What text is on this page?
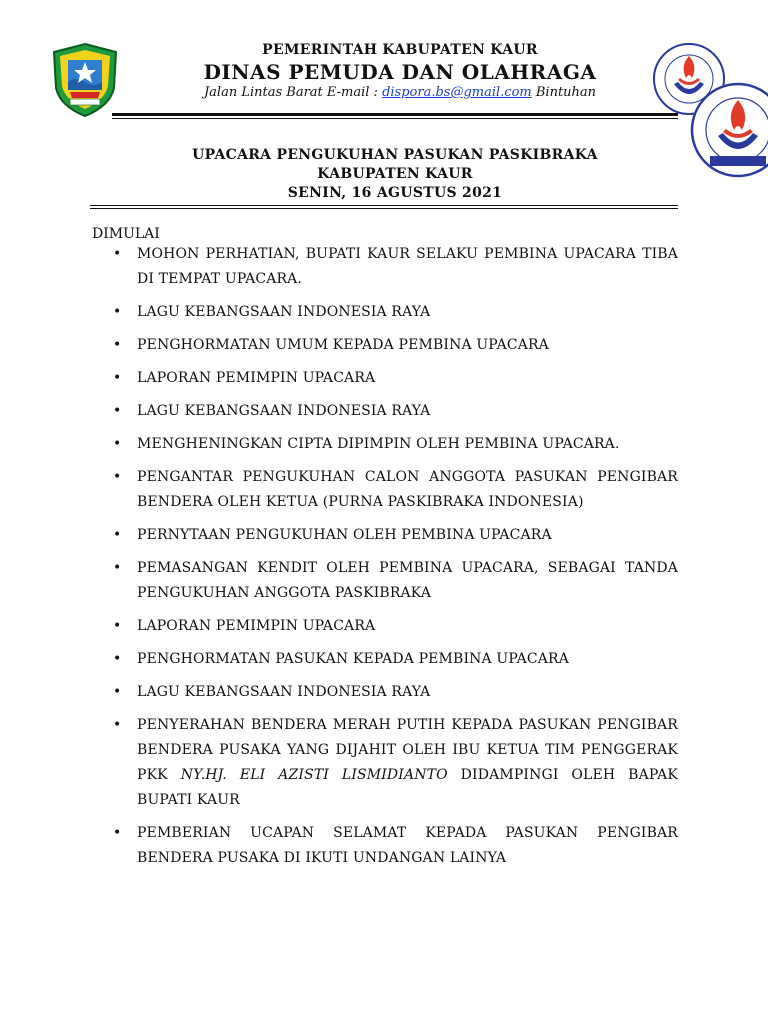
PEMERINTAH KABUPATEN KAUR
DINAS PEMUDA DAN OLAHRAGA
Jalan Lintas Barat E-mail : dispora.bs@gmail.com Bintuhan
UPACARA PENGUKUHAN PASUKAN PASKIBRAKA
KABUPATEN KAUR
SENIN, 16 AGUSTUS 2021
DIMULAI
• MOHON PERHATIAN, BUPATI KAUR SELAKU PEMBINA UPACARA TIBA DI TEMPAT UPACARA.
• LAGU KEBANGSAAN INDONESIA RAYA
• PENGHORMATAN UMUM KEPADA PEMBINA UPACARA
• LAPORAN PEMIMPIN UPACARA
• LAGU KEBANGSAAN INDONESIA RAYA
• MENGHENINGKAN CIPTA DIPIMPIN OLEH PEMBINA UPACARA.
• PENGANTAR PENGUKUHAN CALON ANGGOTA PASUKAN PENGIBAR BENDERA OLEH KETUA (PURNA PASKIBRAKA INDONESIA)
• PERNYTAAN PENGUKUHAN OLEH PEMBINA UPACARA
• PEMASANGAN KENDIT OLEH PEMBINA UPACARA, SEBAGAI TANDA PENGUKUHAN ANGGOTA PASKIBRAKA
• LAPORAN PEMIMPIN UPACARA
• PENGHORMATAN PASUKAN KEPADA PEMBINA UPACARA
• LAGU KEBANGSAAN INDONESIA RAYA
• PENYERAHAN BENDERA MERAH PUTIH KEPADA PASUKAN PENGIBAR BENDERA PUSAKA YANG DIJAHIT OLEH IBU KETUA TIM PENGGERAK PKK NY.HJ. ELI AZISTI LISMIDIANTO DIDAMPINGI OLEH BAPAK BUPATI KAUR
• PEMBERIAN UCAPAN SELAMAT KEPADA PASUKAN PENGIBAR BENDERA PUSAKA DI IKUTI UNDANGAN LAINYA
